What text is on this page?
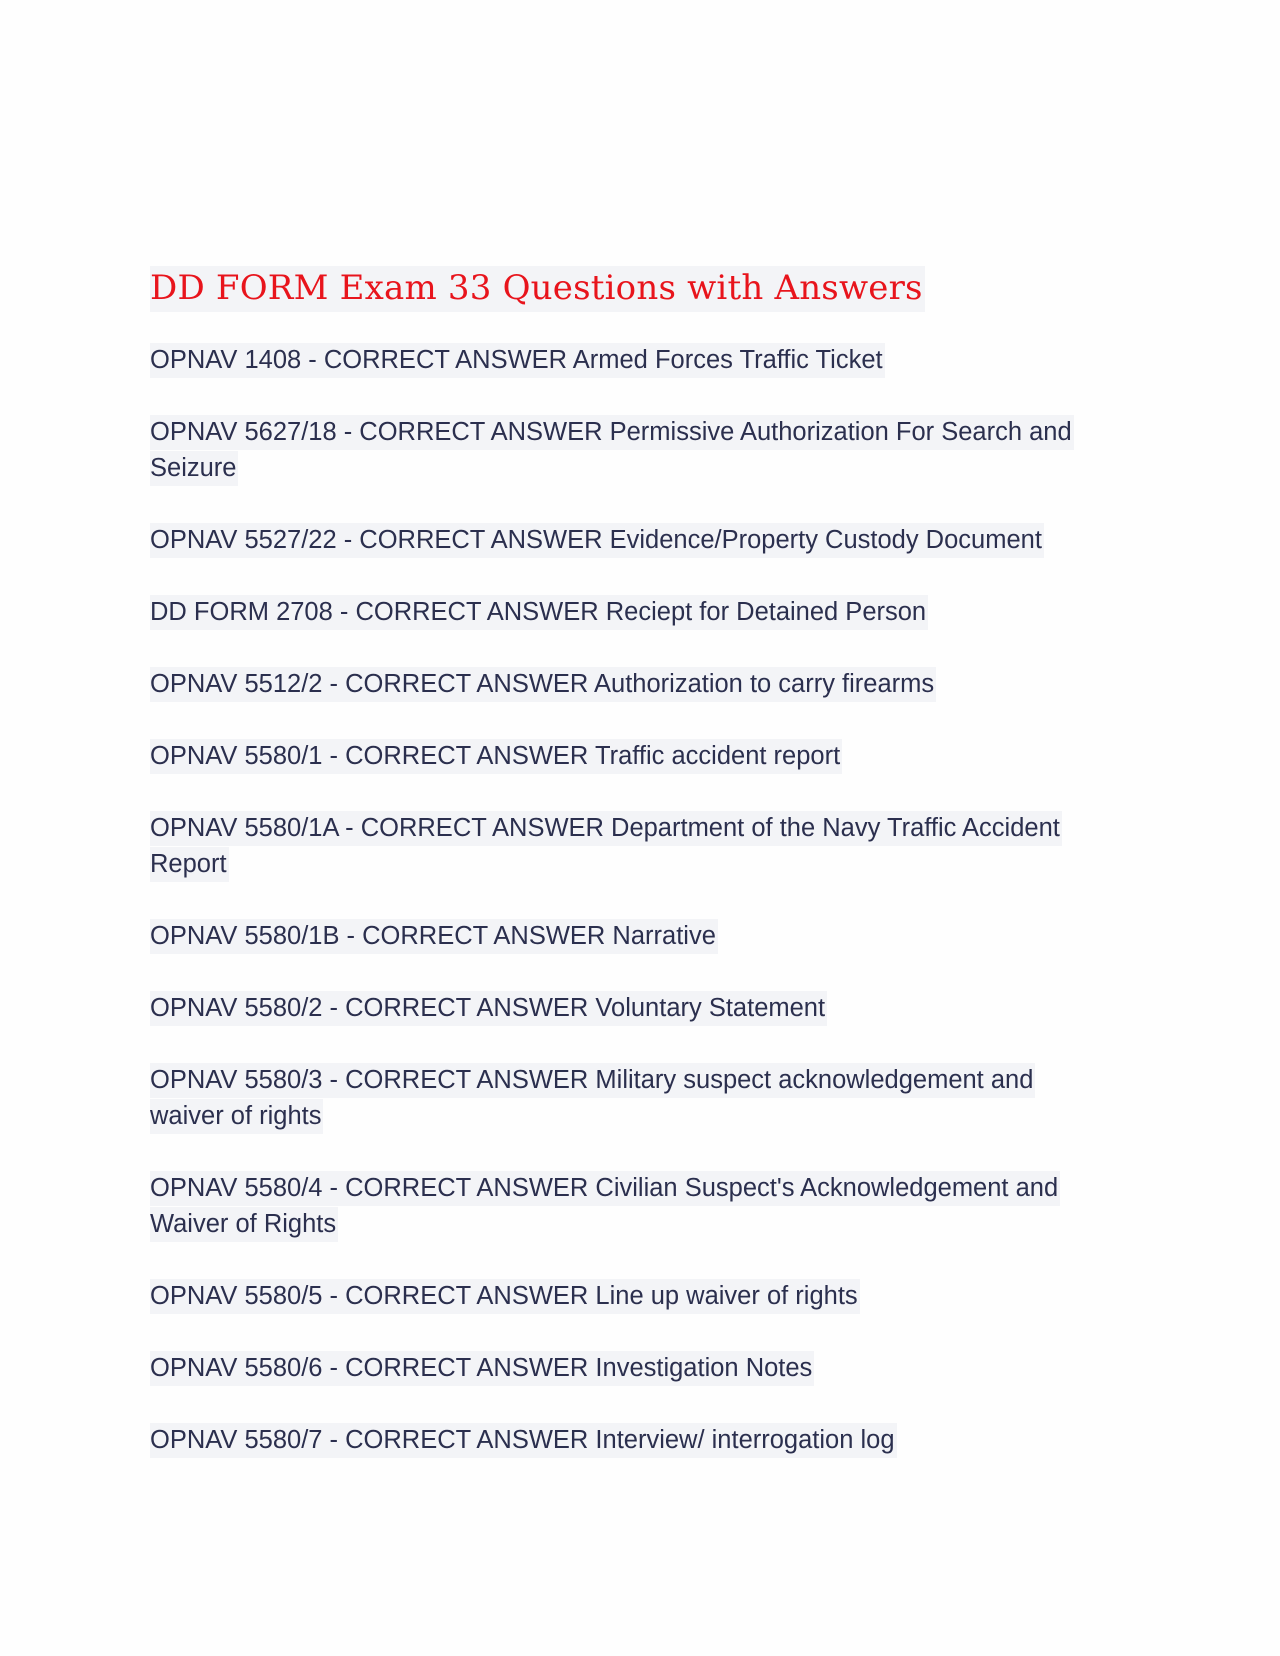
DD FORM Exam 33 Questions with Answers
OPNAV 1408 - CORRECT ANSWER Armed Forces Traffic Ticket
OPNAV 5627/18 - CORRECT ANSWER Permissive Authorization For Search and Seizure
OPNAV 5527/22 - CORRECT ANSWER Evidence/Property Custody Document
DD FORM 2708 - CORRECT ANSWER Reciept for Detained Person
OPNAV 5512/2 - CORRECT ANSWER Authorization to carry firearms
OPNAV 5580/1 - CORRECT ANSWER Traffic accident report
OPNAV 5580/1A - CORRECT ANSWER Department of the Navy Traffic Accident Report
OPNAV 5580/1B - CORRECT ANSWER Narrative
OPNAV 5580/2 - CORRECT ANSWER Voluntary Statement
OPNAV 5580/3 - CORRECT ANSWER Military suspect acknowledgement and waiver of rights
OPNAV 5580/4 - CORRECT ANSWER Civilian Suspect's Acknowledgement and Waiver of Rights
OPNAV 5580/5 - CORRECT ANSWER Line up waiver of rights
OPNAV 5580/6 - CORRECT ANSWER Investigation Notes
OPNAV 5580/7 - CORRECT ANSWER Interview/ interrogation log
